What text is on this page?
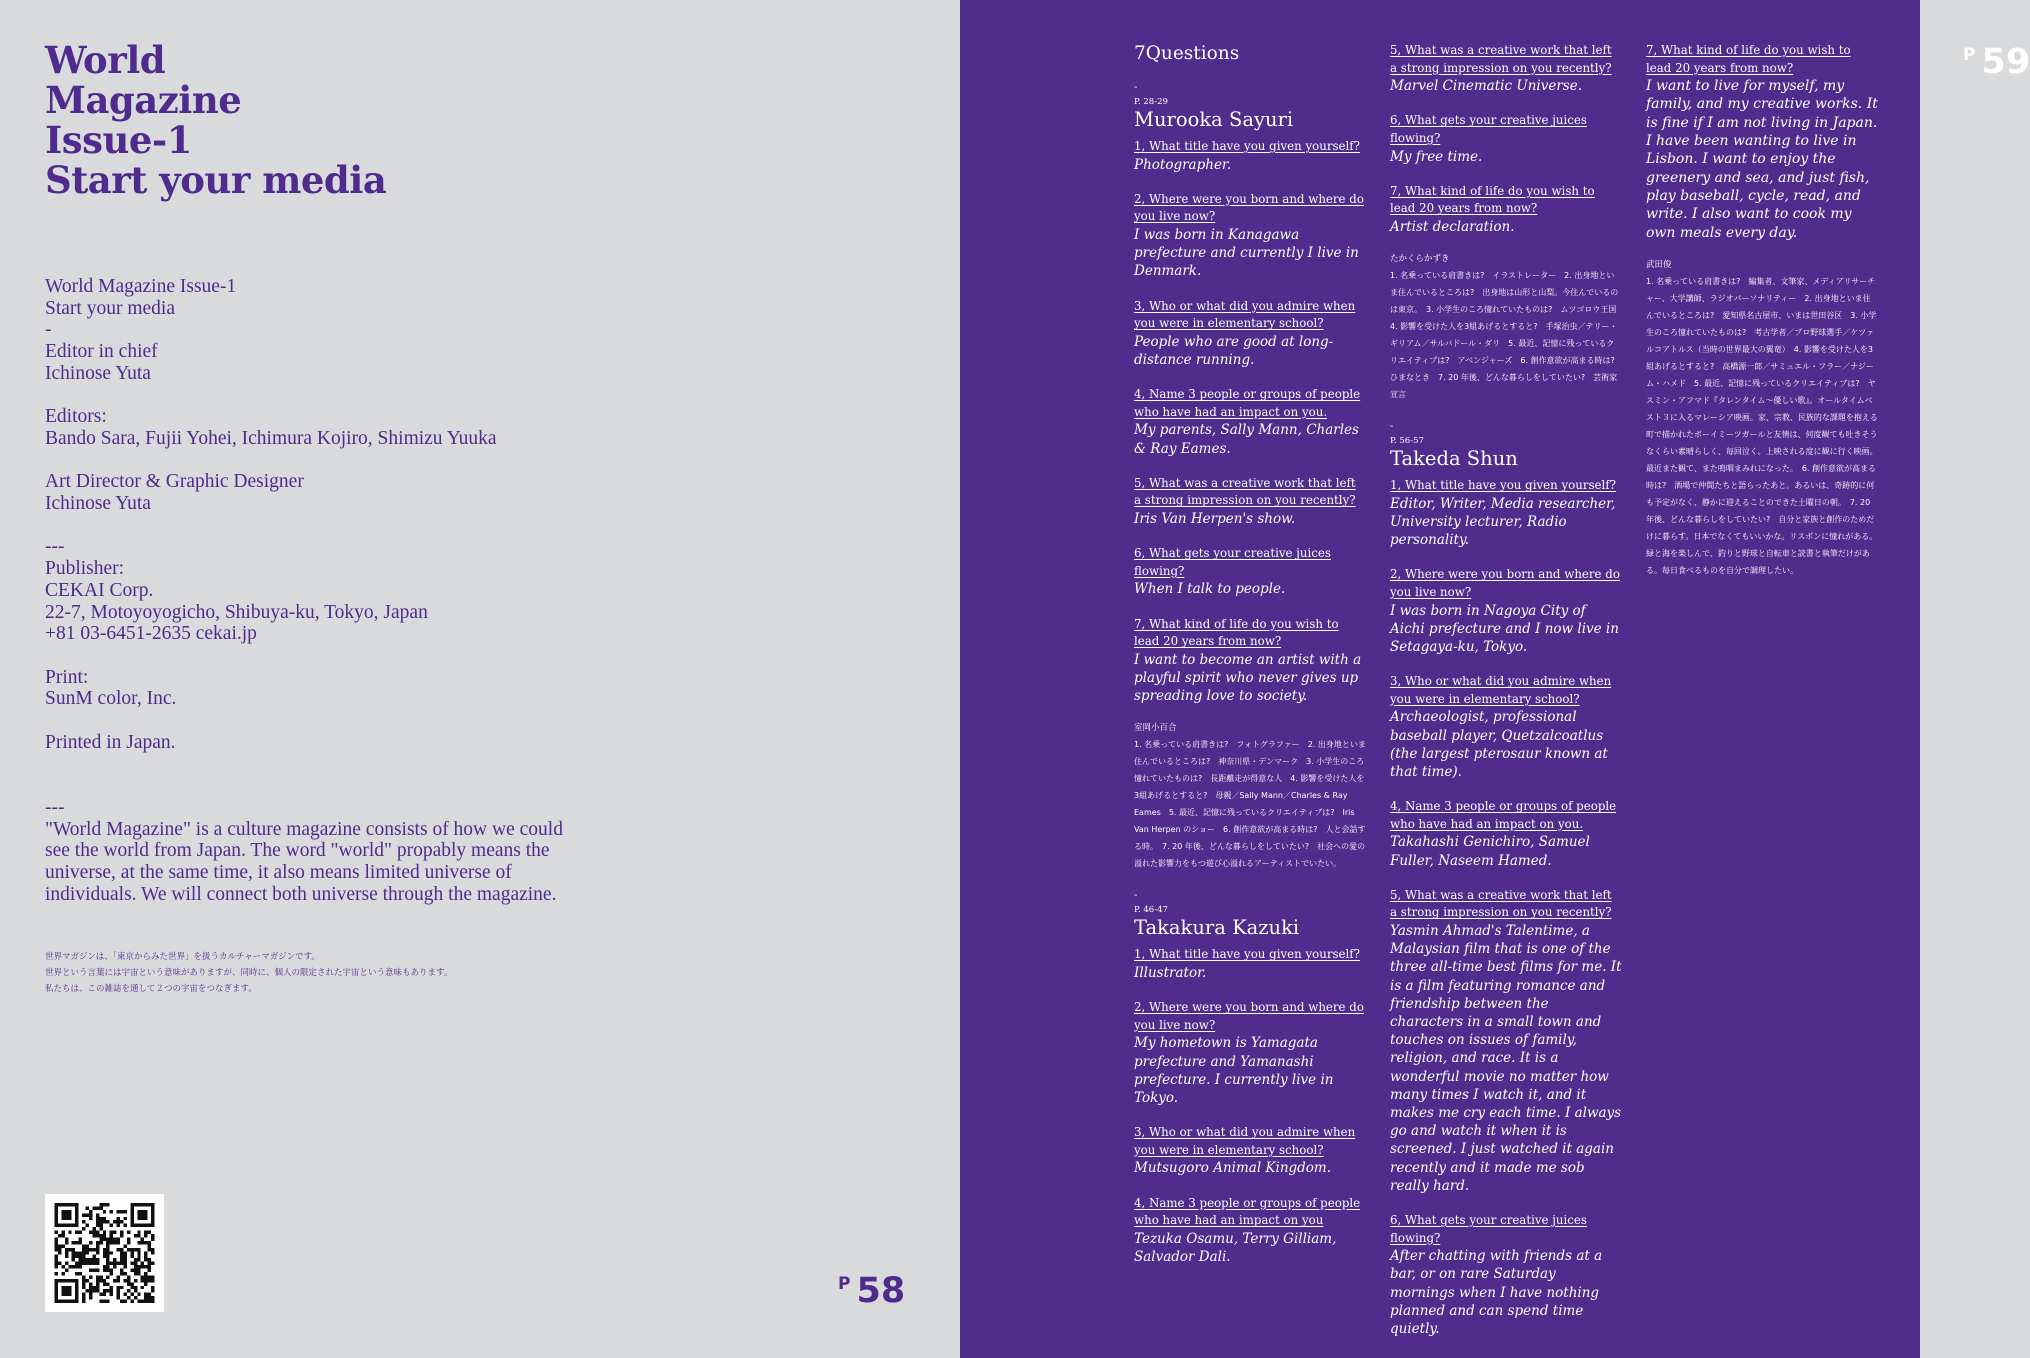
World
Magazine
Issue-1
Start your media
World Magazine Issue-1
Start your media
-
Editor in chief
Ichinose Yuta
Editors:
Bando Sara, Fujii Yohei, Ichimura Kojiro, Shimizu Yuuka
Art Director & Graphic Designer
Ichinose Yuta
---
Publisher:
CEKAI Corp.
22-7, Motoyoyogicho, Shibuya-ku, Tokyo, Japan
+81 03-6451-2635 cekai.jp
Print:
SunM color, Inc.
Printed in Japan.
---
"World Magazine" is a culture magazine consists of how we could see the world from Japan. The word "world" propably means the universe, at the same time, it also means limited universe of individuals. We will connect both universe through the magazine.
世界マガジンは、「東京からみた世界」を扱うカルチャーマガジンです。
世界という言葉には宇宙という意味がありますが、同時に、個人の限定された宇宙という意味もあります。
私たちは、この雑誌を通して２つの宇宙をつなぎます。
P 58
P 59
7Questions
-
P. 28-29
Murooka Sayuri
1, What title have you given yourself?
Photographer.
2, Where were you born and where do you live now?
I was born in Kanagawa prefecture and currently I live in Denmark.
3, Who or what did you admire when you were in elementary school?
People who are good at long-distance running.
4, Name 3 people or groups of people who have had an impact on you.
My parents, Sally Mann, Charles & Ray Eames.
5, What was a creative work that left a strong impression on you recently?
Iris Van Herpen's show.
6, What gets your creative juices flowing?
When I talk to people.
7, What kind of life do you wish to lead 20 years from now?
I want to become an artist with a playful spirit who never gives up spreading love to society.
室岡小百合
1. 名乗っている肩書きは?　フォトグラファー　2. 出身地といま住んでいるところは?　神奈川県・デンマーク　3. 小学生のころ憧れていたものは?　長距離走が得意な人　4. 影響を受けた人を3組あげるとすると?　母親／Sally Mann／Charles & Ray Eames　5. 最近、記憶に残っているクリエイティブは?　Iris Van Herpen のショー　6. 創作意欲が高まる時は?　人と会話する時。　7. 20 年後、どんな暮らしをしていたい?　社会への愛の溢れた影響力をもつ遊び心溢れるアーティストでいたい。
-
P. 46-47
Takakura Kazuki
1, What title have you given yourself?
Illustrator.
2, Where were you born and where do you live now?
My hometown is Yamagata prefecture and Yamanashi prefecture. I currently live in Tokyo.
3, Who or what did you admire when you were in elementary school?
Mutsugoro Animal Kingdom.
4, Name 3 people or groups of people who have had an impact on you
Tezuka Osamu, Terry Gilliam, Salvador Dali.
5, What was a creative work that left a strong impression on you recently?
Marvel Cinematic Universe.
6, What gets your creative juices flowing?
My free time.
7, What kind of life do you wish to lead 20 years from now?
Artist declaration.
たかくらかずき
1. 名乗っている肩書きは?　イラストレーター　2. 出身地といま住んでいるところは?　出身地は山形と山梨。今住んでいるのは東京。　3. 小学生のころ憧れていたものは?　ムツゴロウ王国　4. 影響を受けた人を3組あげるとすると?　手塚治虫／テリー・ギリアム／サルバドール・ダリ　5. 最近、記憶に残っているクリエイティブは?　アベンジャーズ　6. 創作意欲が高まる時は?　ひまなとき　7. 20 年後、どんな暮らしをしていたい?　芸術家宣言
-
P. 56-57
Takeda Shun
1, What title have you given yourself?
Editor, Writer, Media researcher, University lecturer, Radio personality.
2, Where were you born and where do you live now?
I was born in Nagoya City of Aichi prefecture and I now live in Setagaya-ku, Tokyo.
3, Who or what did you admire when you were in elementary school?
Archaeologist, professional baseball player, Quetzalcoatlus (the largest pterosaur known at that time).
4, Name 3 people or groups of people who have had an impact on you.
Takahashi Genichiro, Samuel Fuller, Naseem Hamed.
5, What was a creative work that left a strong impression on you recently?
Yasmin Ahmad's Talentime, a Malaysian film that is one of the three all-time best films for me. It is a film featuring romance and friendship between the characters in a small town and touches on issues of family, religion, and race. It is a wonderful movie no matter how many times I watch it, and it makes me cry each time. I always go and watch it when it is screened. I just watched it again recently and it made me sob really hard.
6, What gets your creative juices flowing?
After chatting with friends at a bar, or on rare Saturday mornings when I have nothing planned and can spend time quietly.
7, What kind of life do you wish to lead 20 years from now?
I want to live for myself, my family, and my creative works. It is fine if I am not living in Japan. I have been wanting to live in Lisbon. I want to enjoy the greenery and sea, and just fish, play baseball, cycle, read, and write. I also want to cook my own meals every day.
武田俊
1. 名乗っている肩書きは?　編集者、文筆家、メディアリサーチャー、大学講師、ラジオパーソナリティー　2. 出身地といま住んでいるところは?　愛知県名古屋市、いまは世田谷区　3. 小学生のころ憧れていたものは?　考古学者／プロ野球選手／ケツァルコアトルス（当時の世界最大の翼竜）　4. 影響を受けた人を3組あげるとすると?　高橋源一郎／サミュエル・フラー／ナジーム・ハメド　5. 最近、記憶に残っているクリエイティブは?　ヤスミン・アフマド『タレンタイム～優しい歌』。オールタイムベスト３に入るマレーシア映画。家、宗教、民族的な課題を抱える町で描かれたボーイミーツガールと友情は、何度観ても吐きそうなくらい素晴らしく、毎回泣く。上映される度に観に行く映画。最近また観て、また嗚咽まみれになった。　6. 創作意欲が高まる時は?　酒場で仲間たちと語らったあと。あるいは、奇跡的に何も予定がなく、静かに迎えることのできた土曜日の朝。　7. 20 年後、どんな暮らしをしていたい?　自分と家族と創作のためだけに暮らす。日本でなくてもいいかな。リスボンに憧れがある。緑と海を楽しんで、釣りと野球と自転車と読書と執筆だけがある。毎日食べるものを自分で調理したい。
